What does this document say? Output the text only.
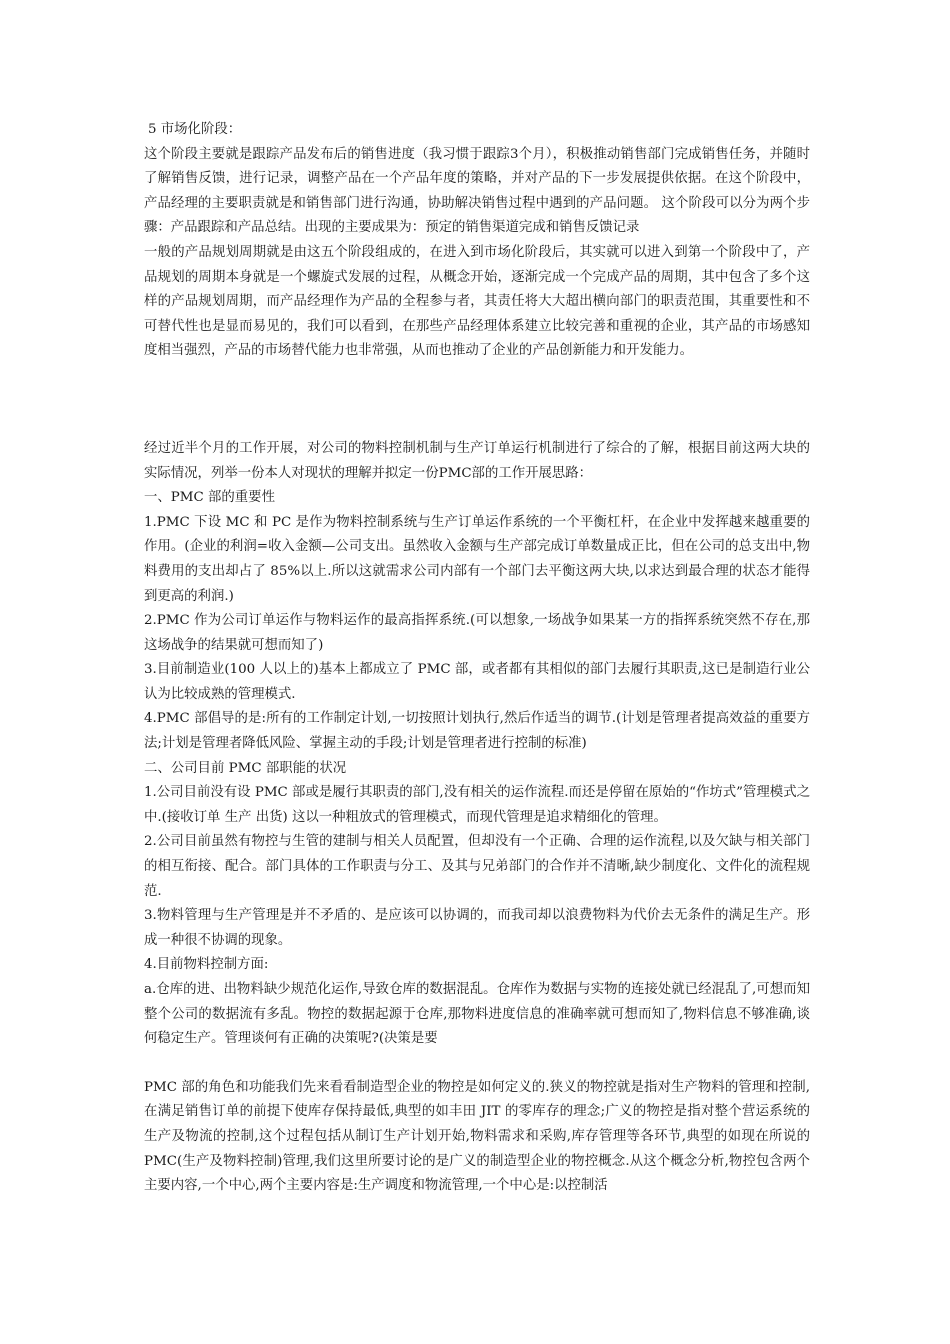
5 市场化阶段：

这个阶段主要就是跟踪产品发布后的销售进度（我习惯于跟踪3个月），积极推动销售部门完成销售任务，并随时了解销售反馈，进行记录，调整产品在一个产品年度的策略，并对产品的下一步发展提供依据。在这个阶段中，产品经理的主要职责就是和销售部门进行沟通，协助解决销售过程中遇到的产品问题。 这个阶段可以分为两个步骤：产品跟踪和产品总结。出现的主要成果为：预定的销售渠道完成和销售反馈记录

一般的产品规划周期就是由这五个阶段组成的，在进入到市场化阶段后，其实就可以进入到第一个阶段中了，产品规划的周期本身就是一个螺旋式发展的过程，从概念开始，逐渐完成一个完成产品的周期，其中包含了多个这样的产品规划周期，而产品经理作为产品的全程参与者，其责任将大大超出横向部门的职责范围，其重要性和不可替代性也是显而易见的，我们可以看到，在那些产品经理体系建立比较完善和重视的企业，其产品的市场感知度相当强烈，产品的市场替代能力也非常强，从而也推动了企业的产品创新能力和开发能力。

经过近半个月的工作开展，对公司的物料控制机制与生产订单运行机制进行了综合的了解，根据目前这两大块的实际情况，列举一份本人对现状的理解并拟定一份PMC部的工作开展思路：

一、PMC 部的重要性

1.PMC 下设 MC 和 PC 是作为物料控制系统与生产订单运作系统的一个平衡杠杆，在企业中发挥越来越重要的作用。(企业的利润=收入金额—公司支出。虽然收入金额与生产部完成订单数量成正比，但在公司的总支出中,物料费用的支出却占了 85%以上.所以这就需求公司内部有一个部门去平衡这两大块,以求达到最合理的状态才能得到更高的利润.)

2.PMC 作为公司订单运作与物料运作的最高指挥系统.(可以想象,一场战争如果某一方的指挥系统突然不存在,那这场战争的结果就可想而知了)

3.目前制造业(100 人以上的)基本上都成立了 PMC 部，或者都有其相似的部门去履行其职责,这已是制造行业公认为比较成熟的管理模式.

4.PMC 部倡导的是:所有的工作制定计划,一切按照计划执行,然后作适当的调节.(计划是管理者提高效益的重要方法;计划是管理者降低风险、掌握主动的手段;计划是管理者进行控制的标准)

二、公司目前 PMC 部职能的状况

1.公司目前没有设 PMC 部或是履行其职责的部门,没有相关的运作流程.而还是停留在原始的“作坊式”管理模式之中.(接收订单 生产 出货) 这以一种粗放式的管理模式，而现代管理是追求精细化的管理。

2.公司目前虽然有物控与生管的建制与相关人员配置，但却没有一个正确、合理的运作流程,以及欠缺与相关部门的相互衔接、配合。部门具体的工作职责与分工、及其与兄弟部门的合作并不清晰,缺少制度化、文件化的流程规范.

3.物料管理与生产管理是并不矛盾的、是应该可以协调的，而我司却以浪费物料为代价去无条件的满足生产。形成一种很不协调的现象。

4.目前物料控制方面:

a.仓库的进、出物料缺少规范化运作,导致仓库的数据混乱。仓库作为数据与实物的连接处就已经混乱了,可想而知整个公司的数据流有多乱。物控的数据起源于仓库,那物料进度信息的准确率就可想而知了,物料信息不够准确,谈何稳定生产。管理谈何有正确的决策呢?(决策是要

PMC 部的角色和功能我们先来看看制造型企业的物控是如何定义的.狭义的物控就是指对生产物料的管理和控制,在满足销售订单的前提下使库存保持最低,典型的如丰田 JIT 的零库存的理念;广义的物控是指对整个营运系统的生产及物流的控制,这个过程包括从制订生产计划开始,物料需求和采购,库存管理等各环节,典型的如现在所说的 PMC(生产及物料控制)管理,我们这里所要讨论的是广义的制造型企业的物控概念.从这个概念分析,物控包含两个主要内容,一个中心,两个主要内容是:生产调度和物流管理,一个中心是:以控制活
